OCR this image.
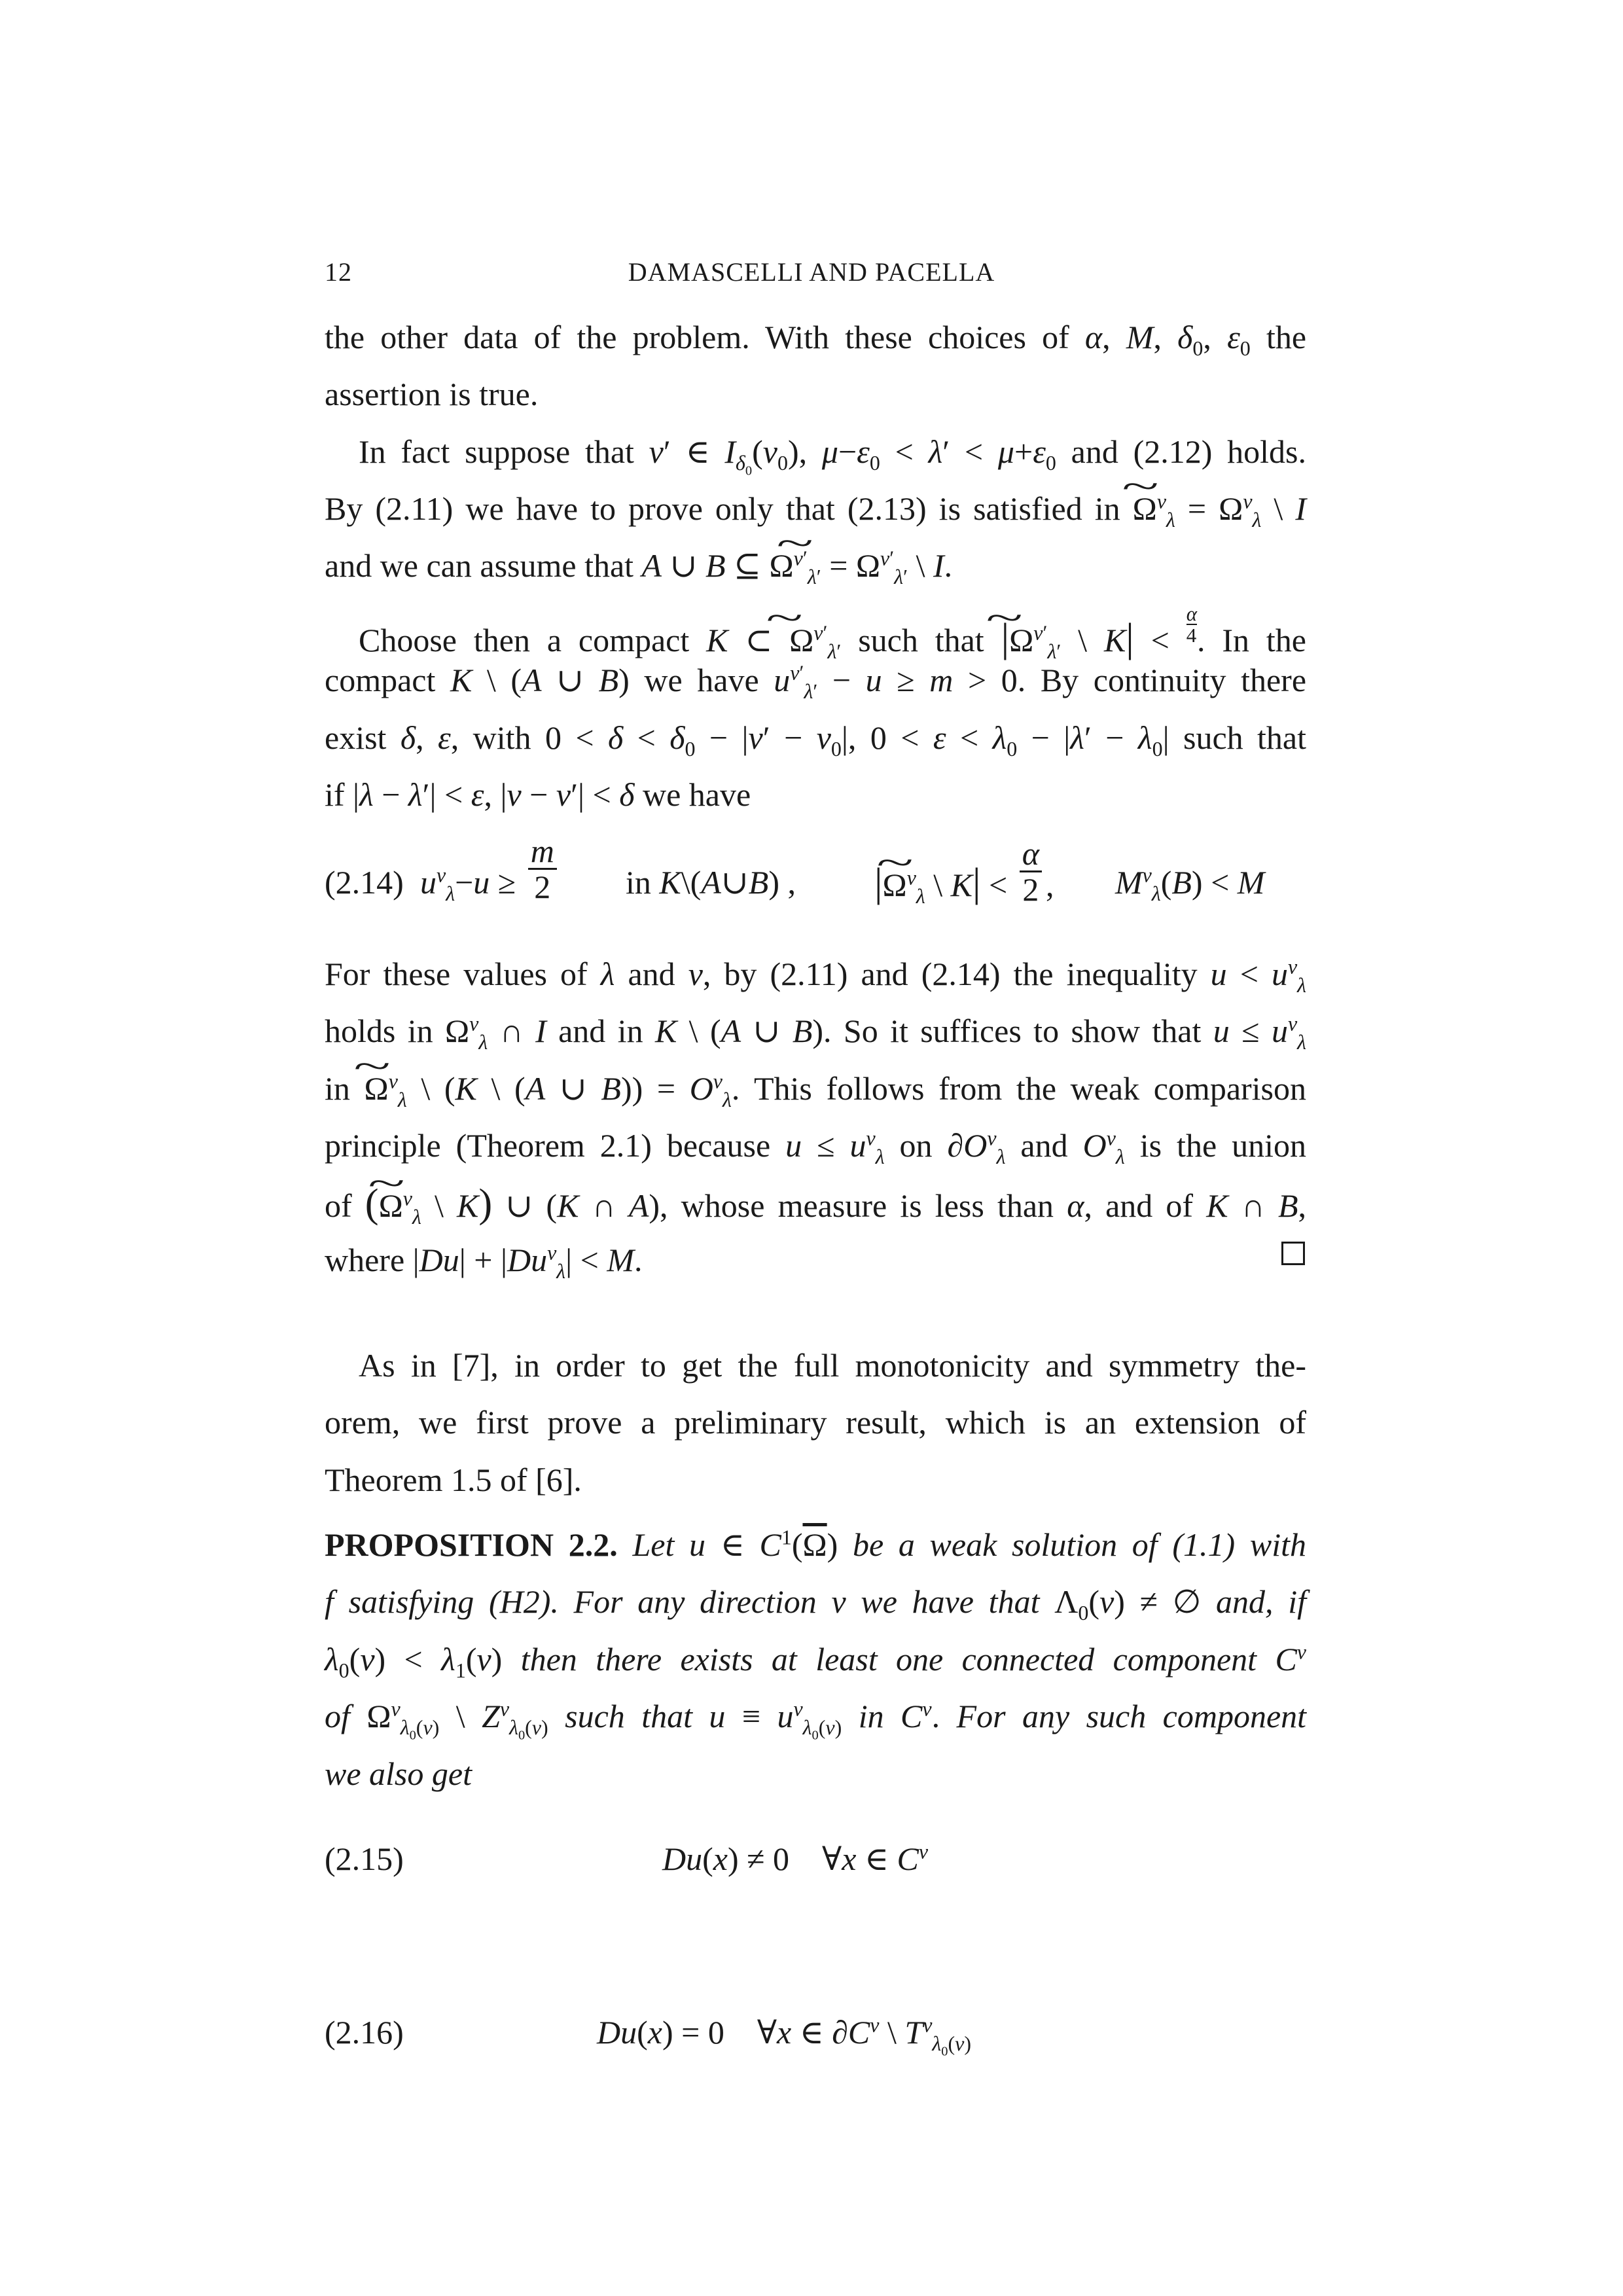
12	DAMASCELLI AND PACELLA
the other data of the problem. With these choices of α, M, $\delta_0$, $\varepsilon_0$ the
assertion is true.
In fact suppose that ν′ ∈ $I_{\delta_0}(\nu_0)$, $\mu-\varepsilon_0 < \lambda' < \mu+\varepsilon_0$ and (2.12) holds.
By (2.11) we have to prove only that (2.13) is satisfied in ~ $\Omega^\nu_\lambda = \Omega^\nu_\lambda$ \ I
and we can assume that A ∪ B ⊆ ~ $\Omega^{\nu'}_{\lambda'} = \Omega^{\nu'}_{\lambda'}$ \ I.
Choose then a compact K ⊂ ~ $\Omega^{\nu'}_{\lambda'}$ such that |~ $\Omega^{\nu'}_{\lambda'}$ \ $K| < \frac{\alpha}{4}$ . In the
compact K \ (A ∪ B) we have $u^{\nu'}_{\lambda'} - u \ge m > 0$. By continuity there
exist δ, ε, with $0 < \delta < \delta_0 - |\nu' - \nu_0|$, $0 < \varepsilon < \lambda_0 - |\lambda' - \lambda_0|$ such that
if |λ − λ′| < ε, |ν − ν′| < δ we have
(2.14) $u^\nu_\lambda-u \ge \frac{m}{2}$ in K\(A∪B) , |~ $\Omega^\nu_\lambda$ \ $K| < \frac{\alpha}{2}$ , $M^\nu_\lambda(B) < M$
For these values of λ and ν, by (2.11) and (2.14) the inequality $u < u^\nu_\lambda$
holds in $\Omega^\nu_\lambda$ ∩ I and in K \ (A ∪ B). So it suffices to show that $u \le u^\nu_\lambda$
in ~ $\Omega^\nu_\lambda$ \ (K \ (A ∪ $B)) = O^\nu_\lambda$. This follows from the weak comparison
principle (Theorem 2.1) because $u \le u^\nu_\lambda$ on $\partial O^\nu_\lambda$ and $O^\nu_\lambda$ is the union
of (~ $\Omega^\nu_\lambda$ \ K) ∪ (K ∩ A), whose measure is less than α, and of K ∩ B,
where $|Du| + |Du^\nu_\lambda| < M$.
As in [7], in order to get the full monotonicity and symmetry the-
orem, we first prove a preliminary result, which is an extension of
Theorem 1.5 of [6].
PROPOSITION 2.2. Let u ∈ $C^1(\overline{\Omega})$ be a weak solution of (1.1) with
f satisfying (H2). For any direction ν we have that $\Lambda_0(\nu)$ ≠ ∅ and, if
$\lambda_0(\nu) < \lambda_1(\nu)$ then there exists at least one connected component $C^\nu$
of $\Omega^\nu_{\lambda_0(\nu)}$ \ $Z^\nu_{\lambda_0(\nu)}$ such that $u \equiv u^\nu_{\lambda_0(\nu)}$ in $C^\nu$. For any such component
we also get
(2.15)	Du(x) ≠ 0    ∀x ∈ $C^\nu$
(2.16)	Du(x) = 0    ∀x ∈ $\partial C^\nu$ \ $T^\nu_{\lambda_0(\nu)}$
